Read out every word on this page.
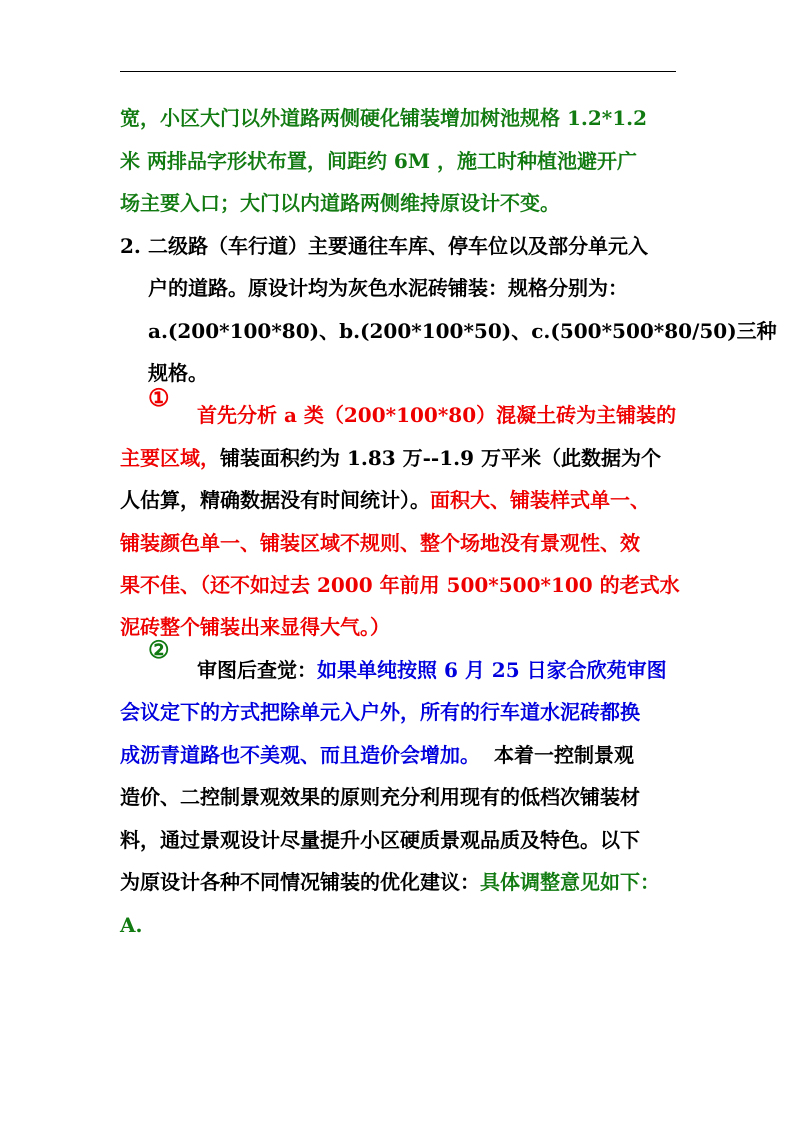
宽，小区大门以外道路两侧硬化铺装增加树池规格 1.2*1.2
米 两排品字形状布置，间距约 6M ，施工时种植池避开广
场主要入口；大门以内道路两侧维持原设计不变。
2. 二级路（车行道）主要通往车库、停车位以及部分单元入
户的道路。原设计均为灰色水泥砖铺装：规格分别为：
a.(200*100*80)、b.(200*100*50)、c.(500*500*80/50)三种
规格。
①
首先分析 a 类（200*100*80）混凝土砖为主铺装的
主要区域，铺装面积约为 1.83 万--1.9 万平米（此数据为个
人估算，精确数据没有时间统计）。面积大、铺装样式单一、
铺装颜色单一、铺装区域不规则、整个场地没有景观性、效
果不佳、（还不如过去 2000 年前用 500*500*100 的老式水
泥砖整个铺装出来显得大气。）
②
审图后查觉：如果单纯按照 6 月 25 日家合欣苑审图
会议定下的方式把除单元入户外，所有的行车道水泥砖都换
成沥青道路也不美观、而且造价会增加。 本着一控制景观
造价、二控制景观效果的原则充分利用现有的低档次铺装材
料，通过景观设计尽量提升小区硬质景观品质及特色。以下
为原设计各种不同情况铺装的优化建议：具体调整意见如下：
A.
